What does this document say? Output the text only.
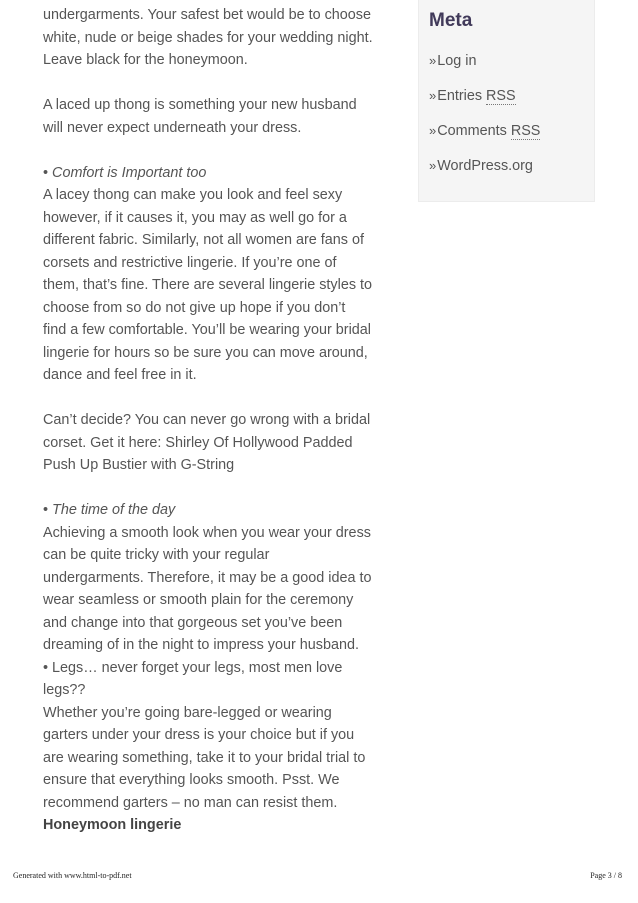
undergarments. Your safest bet would be to choose
white, nude or beige shades for your wedding night.
Leave black for the honeymoon.
A laced up thong is something your new husband
will never expect underneath your dress.
• Comfort is Important too
A lacey thong can make you look and feel sexy
however, if it causes it, you may as well go for a
different fabric. Similarly, not all women are fans of
corsets and restrictive lingerie. If you’re one of
them, that’s fine. There are several lingerie styles to
choose from so do not give up hope if you don’t
find a few comfortable. You’ll be wearing your bridal
lingerie for hours so be sure you can move around,
dance and feel free in it.
Can’t decide? You can never go wrong with a bridal
corset. Get it here: Shirley Of Hollywood Padded
Push Up Bustier with G-String
• The time of the day
Achieving a smooth look when you wear your dress
can be quite tricky with your regular
undergarments. Therefore, it may be a good idea to
wear seamless or smooth plain for the ceremony
and change into that gorgeous set you’ve been
dreaming of in the night to impress your husband.
• Legs… never forget your legs, most men love
legs??
Whether you’re going bare-legged or wearing
garters under your dress is your choice but if you
are wearing something, take it to your bridal trial to
ensure that everything looks smooth. Psst. We
recommend garters – no man can resist them.
Honeymoon lingerie
Meta
»Log in
»Entries RSS
»Comments RSS
»WordPress.org
Generated with www.html-to-pdf.net	Page 3 / 8
